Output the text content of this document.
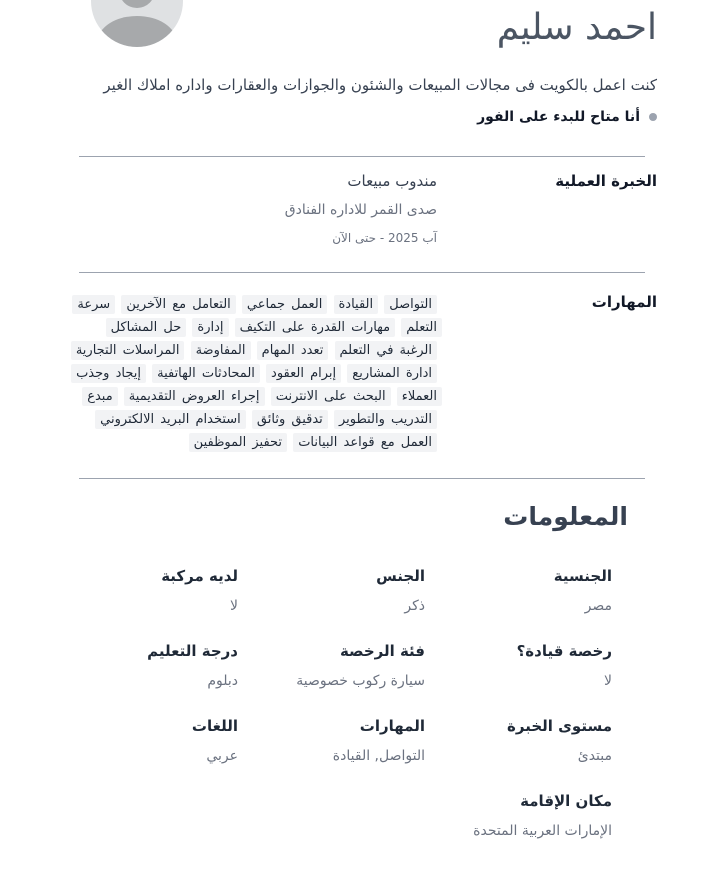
احمد سليم

كنت اعمل بالكويت فى مجالات المبيعات والشئون والجوازات والعقارات واداره املاك الغير

أنا متاح للبدء على الفور
الخبرة العملية
مندوب مبيعات
صدى القمر للاداره الفنادق
آب 2025 - حتى الآن
المهارات
التواصل القيادة العمل جماعي التعامل مع الآخرين سرعة التعلم مهارات القدرة على التكيف إدارة حل المشاكل الرغبة في التعلم تعدد المهام المفاوضة المراسلات التجارية ادارة المشاريع إبرام العقود المحادثات الهاتفية إيجاد وجذب العملاء البحث على الانترنت إجراء العروض التقديمية مبدع التدريب والتطوير تدقيق وثائق استخدام البريد الالكتروني العمل مع قواعد البيانات تحفيز الموظفين
المعلومات
الجنسية
مصر
الجنس
ذكر
لديه مركبة
لا
رخصة قيادة؟
لا
فئة الرخصة
سيارة ركوب خصوصية
درجة التعليم
دبلوم
مستوى الخبرة
مبتدئ
المهارات
التواصل, القيادة
اللغات
عربي
مكان الإقامة
الإمارات العربية المتحدة
